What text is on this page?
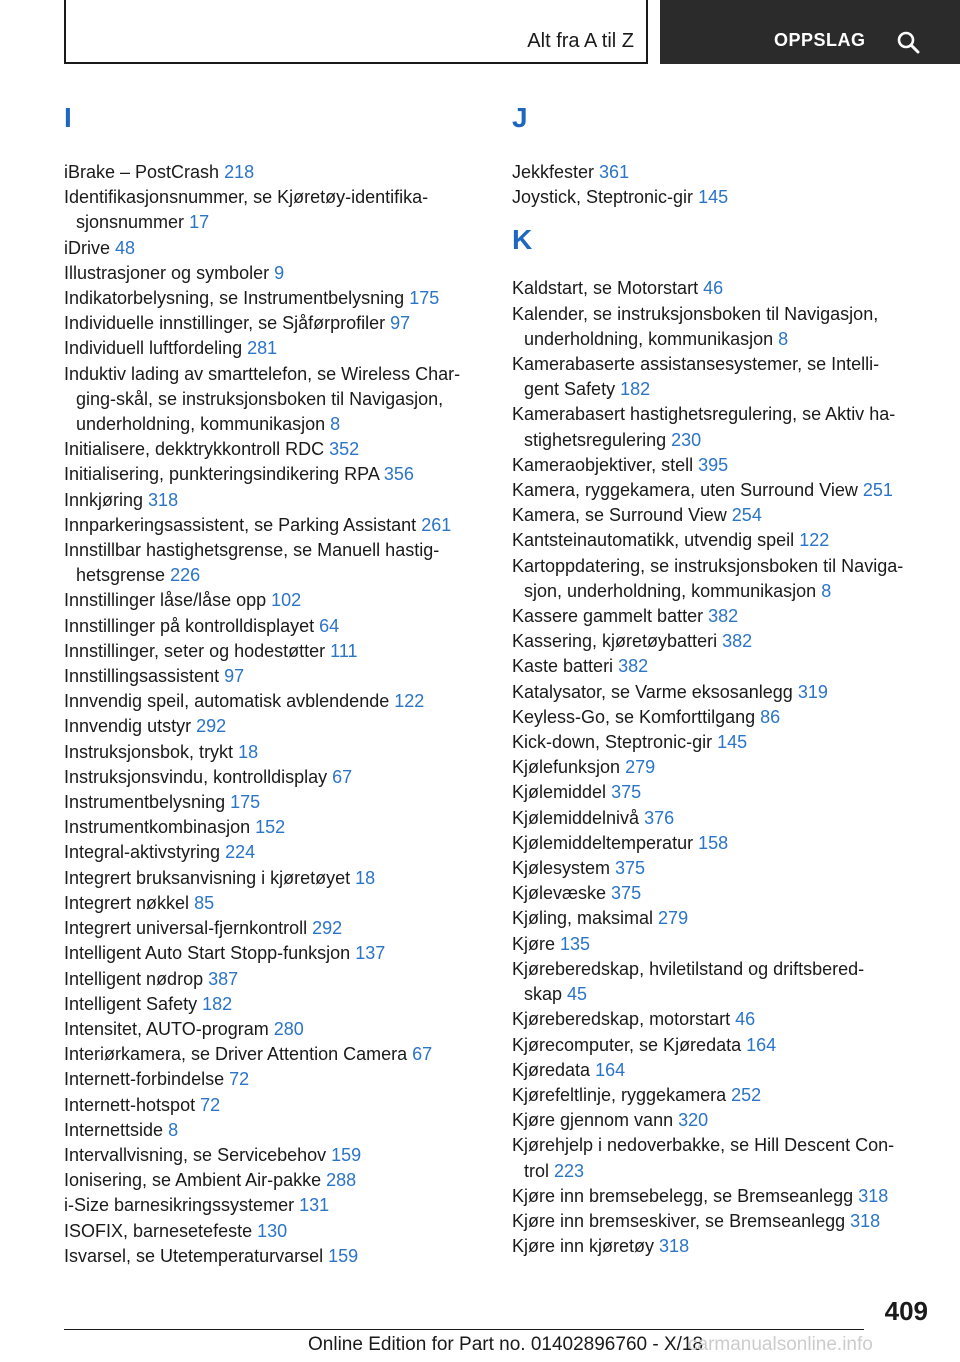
Alt fra A til Z	OPPSLAG
I
iBrake – PostCrash 218
Identifikasjonsnummer, se Kjøretøy-identifika-
sjonsnummer 17
iDrive 48
Illustrasjoner og symboler 9
Indikatorbelysning, se Instrumentbelysning 175
Individuelle innstillinger, se Sjåførprofiler 97
Individuell luftfordeling 281
Induktiv lading av smarttelefon, se Wireless Char-
ging-skål, se instruksjonsboken til Navigasjon,
underholdning, kommunikasjon 8
Initialisere, dekktrykkontroll RDC 352
Initialisering, punkteringsindikering RPA 356
Innkjøring 318
Innparkeringsassistent, se Parking Assistant 261
Innstillbar hastighetsgrense, se Manuell hastig-
hetsgrense 226
Innstillinger låse/låse opp 102
Innstillinger på kontrolldisplayet 64
Innstillinger, seter og hodestøtter 111
Innstillingsassistent 97
Innvendig speil, automatisk avblendende 122
Innvendig utstyr 292
Instruksjonsbok, trykt 18
Instruksjonsvindu, kontrolldisplay 67
Instrumentbelysning 175
Instrumentkombinasjon 152
Integral-aktivstyring 224
Integrert bruksanvisning i kjøretøyet 18
Integrert nøkkel 85
Integrert universal-fjernkontroll 292
Intelligent Auto Start Stopp-funksjon 137
Intelligent nødrop 387
Intelligent Safety 182
Intensitet, AUTO-program 280
Interiørkamera, se Driver Attention Camera 67
Internett-forbindelse 72
Internett-hotspot 72
Internettside 8
Intervallvisning, se Servicebehov 159
Ionisering, se Ambient Air-pakke 288
i-Size barnesikringssystemer 131
ISOFIX, barnesetefeste 130
Isvarsel, se Utetemperaturvarsel 159
J
Jekkfester 361
Joystick, Steptronic-gir 145
K
Kaldstart, se Motorstart 46
Kalender, se instruksjonsboken til Navigasjon,
underholdning, kommunikasjon 8
Kamerabaserte assistansesystemer, se Intelli-
gent Safety 182
Kamerabasert hastighetsregulering, se Aktiv ha-
stighetsregulering 230
Kameraobjektiver, stell 395
Kamera, ryggekamera, uten Surround View 251
Kamera, se Surround View 254
Kantsteinautomatikk, utvendig speil 122
Kartoppdatering, se instruksjonsboken til Naviga-
sjon, underholdning, kommunikasjon 8
Kassere gammelt batter 382
Kassering, kjøretøybatteri 382
Kaste batteri 382
Katalysator, se Varme eksosanlegg 319
Keyless-Go, se Komforttilgang 86
Kick-down, Steptronic-gir 145
Kjølefunksjon 279
Kjølemiddel 375
Kjølemiddelnivå 376
Kjølemiddeltemperatur 158
Kjølesystem 375
Kjølevæske 375
Kjøling, maksimal 279
Kjøre 135
Kjøreberedskap, hviletilstand og driftsbered-
skap 45
Kjøreberedskap, motorstart 46
Kjørecomputer, se Kjøredata 164
Kjøredata 164
Kjørefeltlinje, ryggekamera 252
Kjøre gjennom vann 320
Kjørehjelp i nedoverbakke, se Hill Descent Con-
trol 223
Kjøre inn bremsebelegg, se Bremseanlegg 318
Kjøre inn bremseskiver, se Bremseanlegg 318
Kjøre inn kjøretøy 318
409
Online Edition for Part no. 01402896760 - X/18
carmanualsonline.info
